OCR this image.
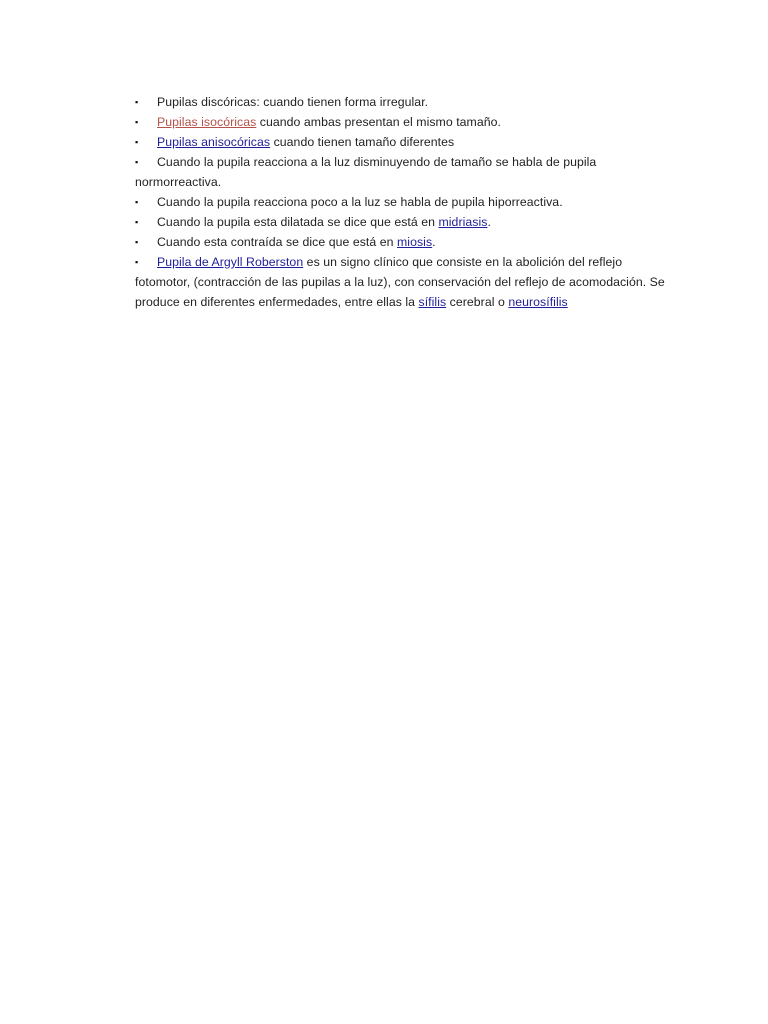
▪ Pupilas discóricas: cuando tienen forma irregular.
▪ Pupilas isocóricas cuando ambas presentan el mismo tamaño.
▪ Pupilas anisocóricas cuando tienen tamaño diferentes
▪ Cuando la pupila reacciona a la luz disminuyendo de tamaño se habla de pupila normorreactiva.
▪ Cuando la pupila reacciona poco a la luz se habla de pupila hiporreactiva.
▪ Cuando la pupila esta dilatada se dice que está en midriasis.
▪ Cuando esta contraída se dice que está en miosis.
▪ Pupila de Argyll Roberston es un signo clínico que consiste en la abolición del reflejo fotomotor, (contracción de las pupilas a la luz), con conservación del reflejo de acomodación. Se produce en diferentes enfermedades, entre ellas la sífilis cerebral o neurosífilis
